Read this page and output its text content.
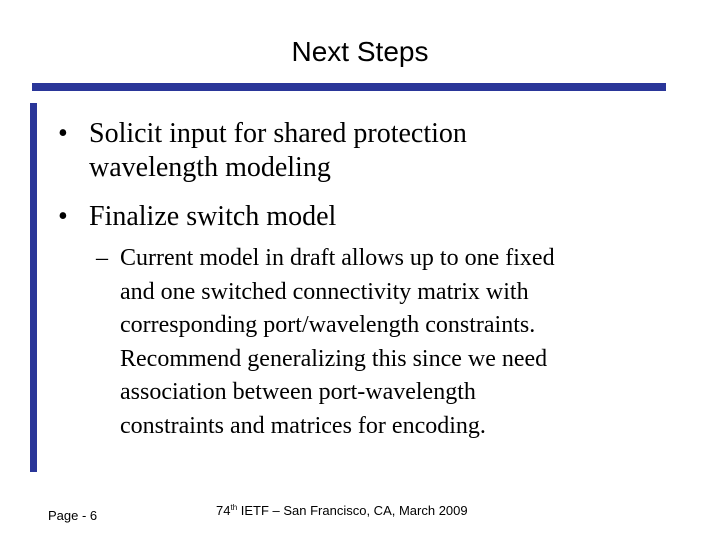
Next Steps
• Solicit input for shared protection
wavelength modeling
• Finalize switch model
– Current model in draft allows up to one fixed
and one switched connectivity matrix with
corresponding port/wavelength constraints.
Recommend generalizing this since we need
association between port-wavelength
constraints and matrices for encoding.
Page - 6	74th IETF – San Francisco, CA, March 2009
